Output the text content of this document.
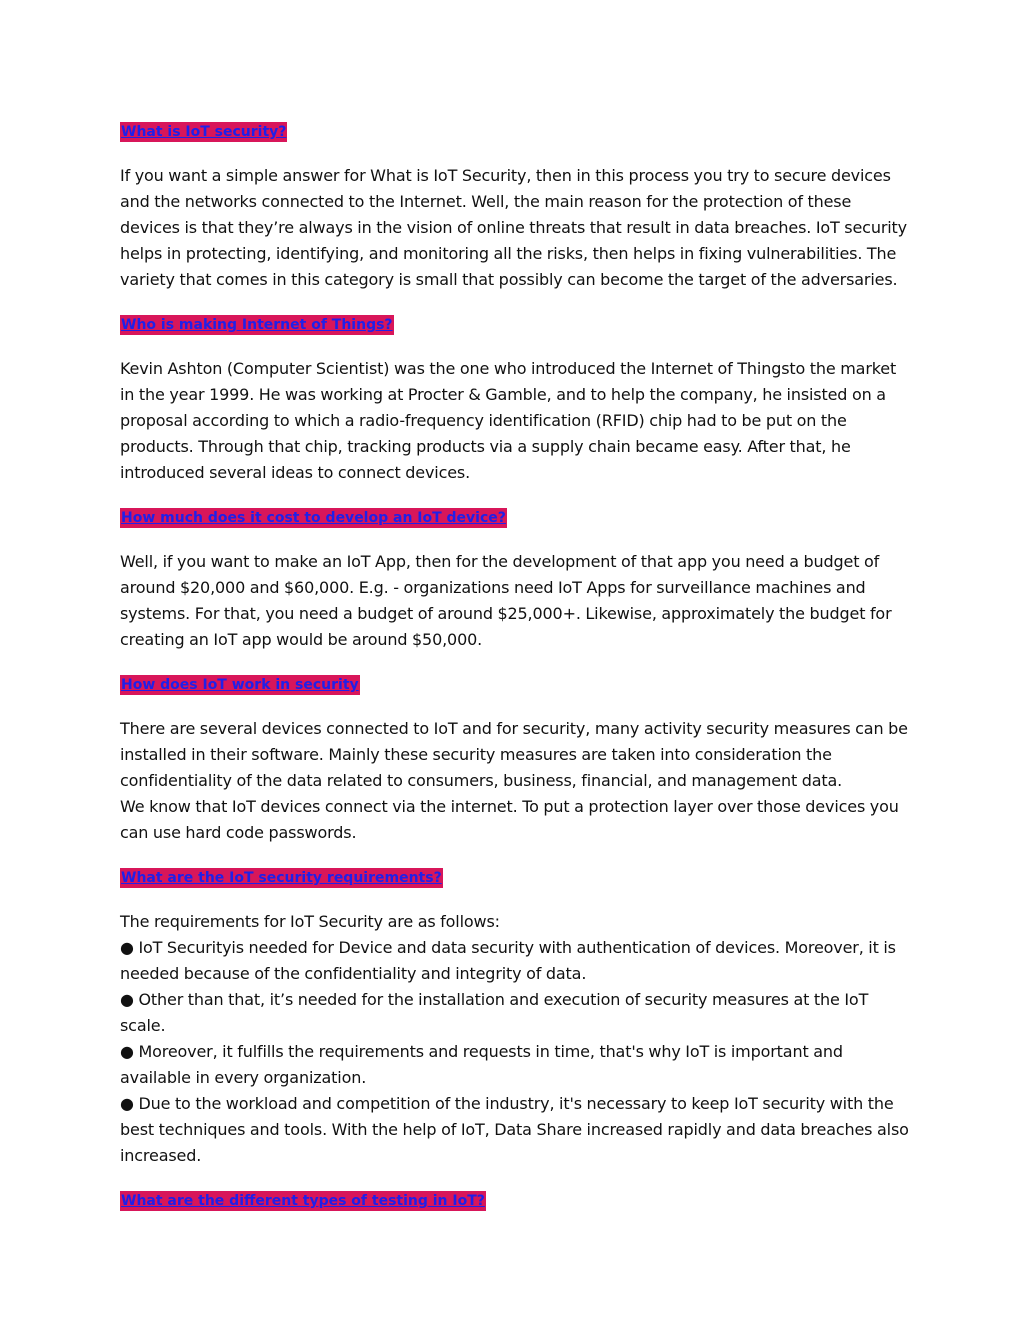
What is IoT security?

If you want a simple answer for What is IoT Security, then in this process you try to secure devices and the networks connected to the Internet. Well, the main reason for the protection of these devices is that they’re always in the vision of online threats that result in data breaches. IoT security helps in protecting, identifying, and monitoring all the risks, then helps in fixing vulnerabilities. The variety that comes in this category is small that possibly can become the target of the adversaries.

Who is making Internet of Things?

Kevin Ashton (Computer Scientist) was the one who introduced the Internet of Thingsto the market in the year 1999. He was working at Procter & Gamble, and to help the company, he insisted on a proposal according to which a radio-frequency identification (RFID) chip had to be put on the products. Through that chip, tracking products via a supply chain became easy. After that, he introduced several ideas to connect devices.

How much does it cost to develop an IoT device?

Well, if you want to make an IoT App, then for the development of that app you need a budget of around $20,000 and $60,000. E.g. - organizations need IoT Apps for surveillance machines and systems. For that, you need a budget of around $25,000+. Likewise, approximately the budget for creating an IoT app would be around $50,000.

How does IoT work in security

There are several devices connected to IoT and for security, many activity security measures can be installed in their software. Mainly these security measures are taken into consideration the confidentiality of the data related to consumers, business, financial, and management data.

We know that IoT devices connect via the internet. To put a protection layer over those devices you can use hard code passwords.

What are the IoT security requirements?

The requirements for IoT Security are as follows:

● IoT Securityis needed for Device and data security with authentication of devices. Moreover, it is needed because of the confidentiality and integrity of data.

● Other than that, it’s needed for the installation and execution of security measures at the IoT scale.

● Moreover, it fulfills the requirements and requests in time, that's why IoT is important and available in every organization.

● Due to the workload and competition of the industry, it's necessary to keep IoT security with the best techniques and tools. With the help of IoT, Data Share increased rapidly and data breaches also increased.

What are the different types of testing in IoT?
